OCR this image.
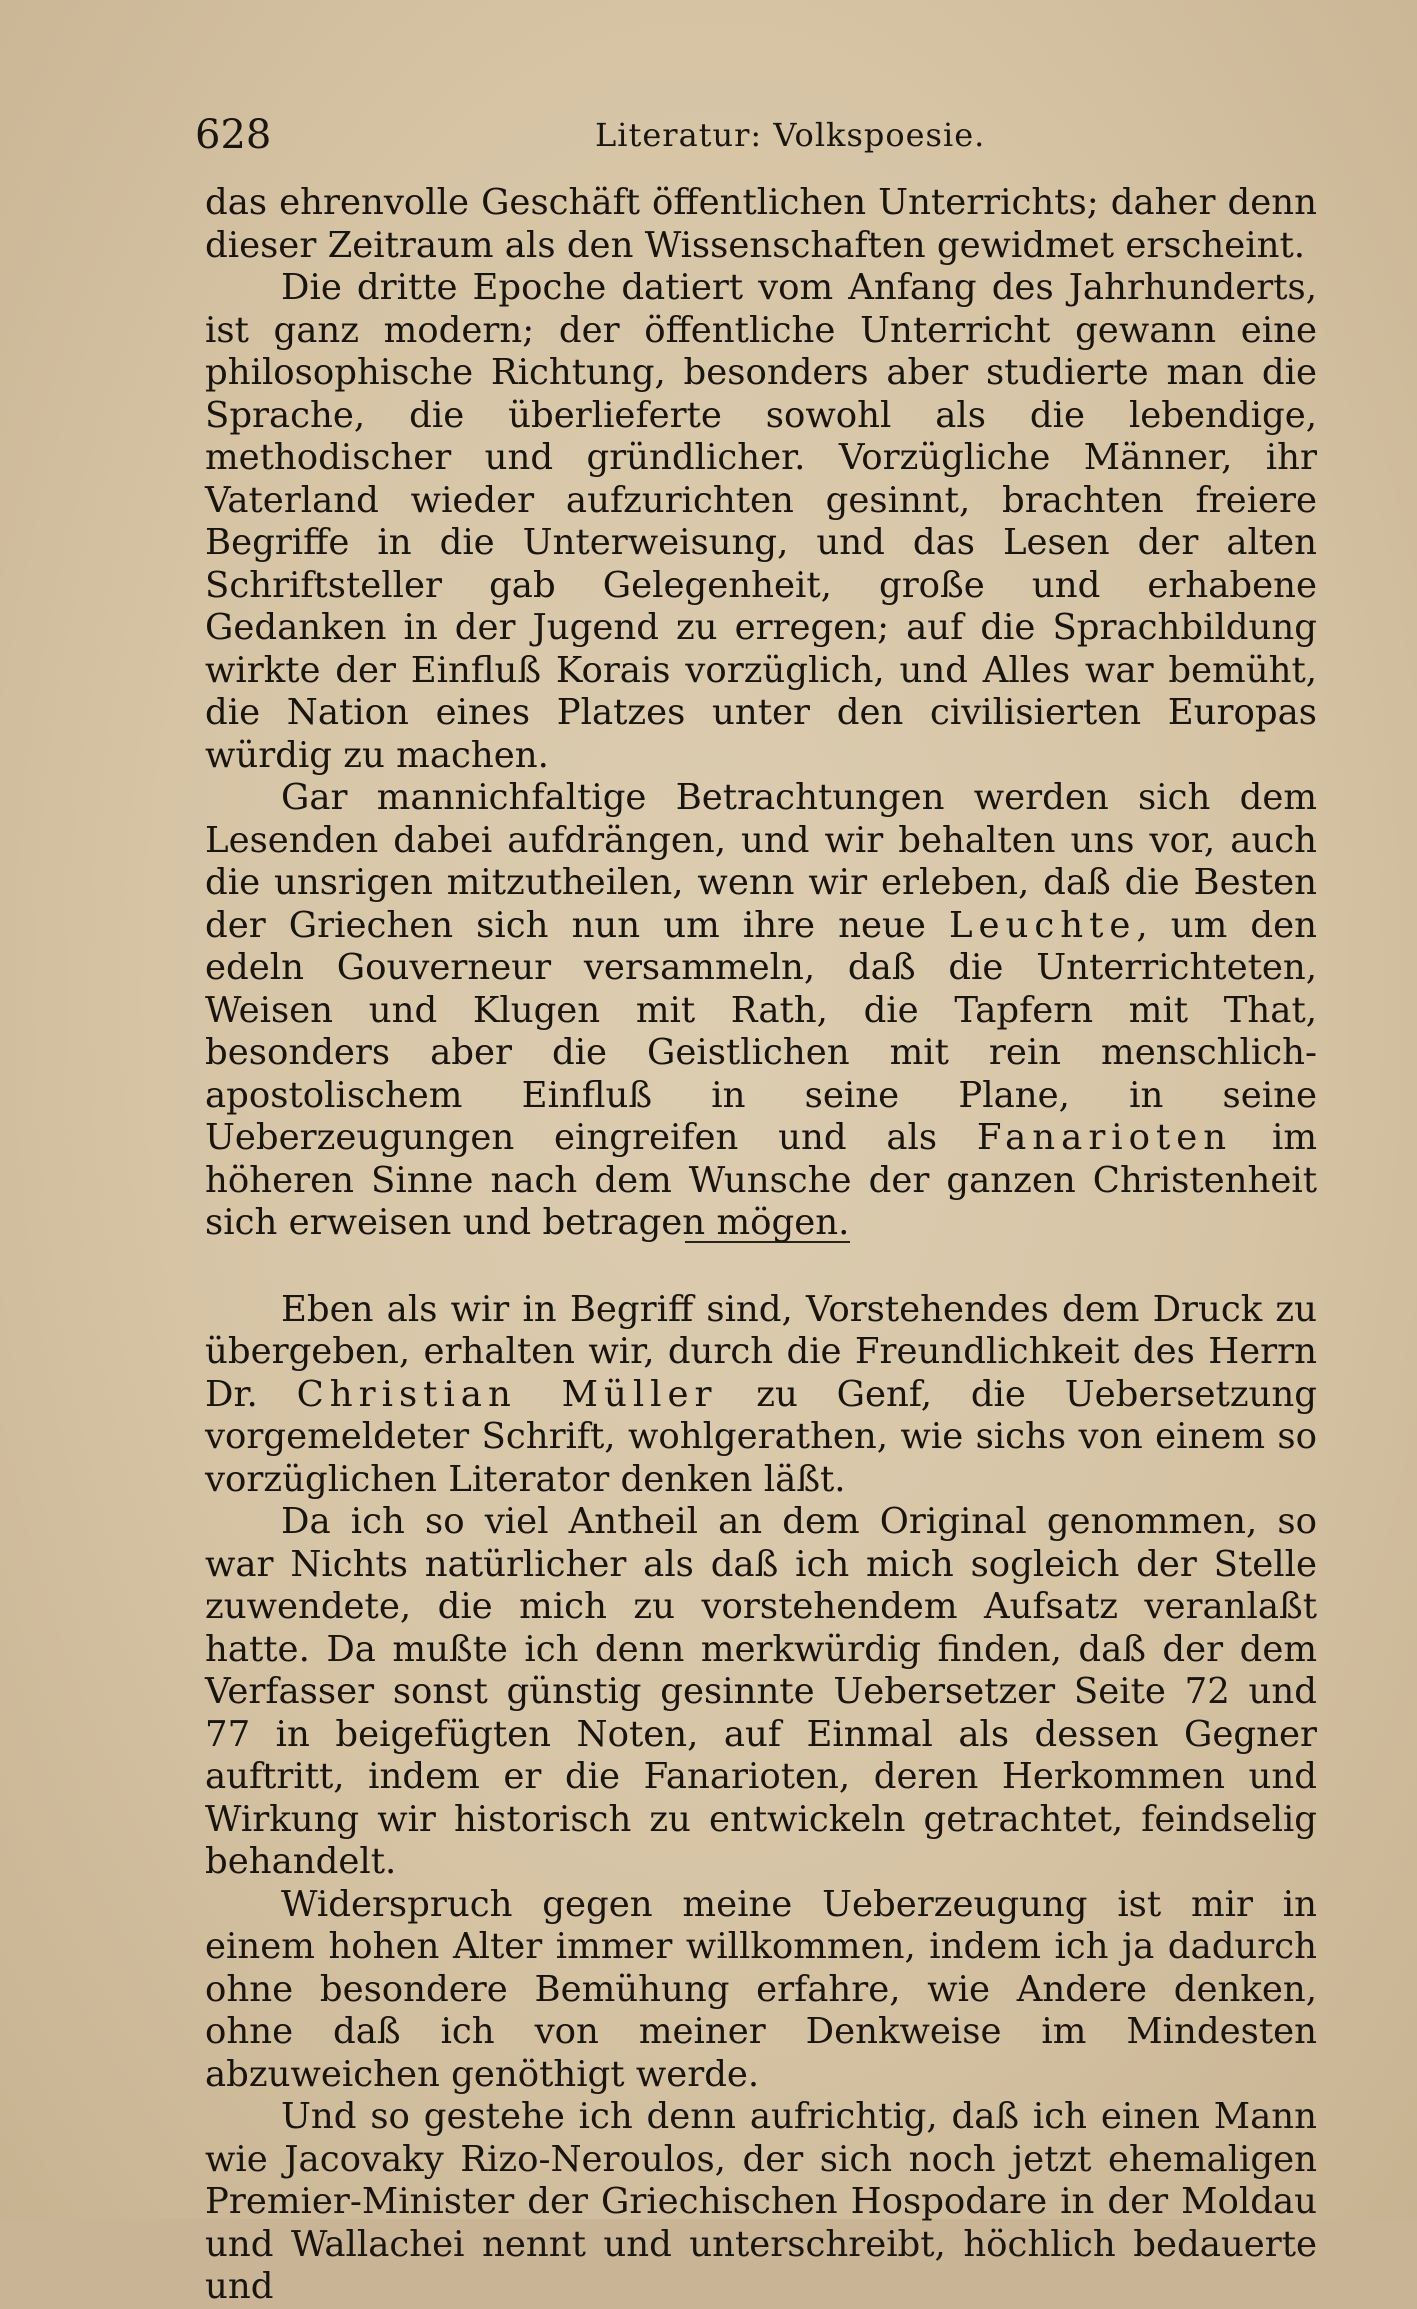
628	Literatur: Volkspoesie.

das ehrenvolle Geschäft öffentlichen Unterrichts; daher denn dieser Zeitraum als den Wissenschaften gewidmet erscheint.

Die dritte Epoche datiert vom Anfang des Jahrhunderts, ist ganz modern; der öffentliche Unterricht gewann eine philosophische Richtung, besonders aber studierte man die Sprache, die überlieferte sowohl als die lebendige, methodischer und gründlicher. Vorzügliche Männer, ihr Vaterland wieder aufzurichten gesinnt, brachten freiere Begriffe in die Unterweisung, und das Lesen der alten Schriftsteller gab Gelegenheit, große und erhabene Gedanken in der Jugend zu erregen; auf die Sprachbildung wirkte der Einfluß Korais vorzüglich, und Alles war bemüht, die Nation eines Platzes unter den civilisierten Europas würdig zu machen.

Gar mannichfaltige Betrachtungen werden sich dem Lesenden dabei aufdrängen, und wir behalten uns vor, auch die unsrigen mitzutheilen, wenn wir erleben, daß die Besten der Griechen sich nun um ihre neue Leuchte, um den edeln Gouverneur versammeln, daß die Unterrichteten, Weisen und Klugen mit Rath, die Tapfern mit That, besonders aber die Geistlichen mit rein menschlich-apostolischem Einfluß in seine Plane, in seine Ueberzeugungen eingreifen und als Fanarioten im höheren Sinne nach dem Wunsche der ganzen Christenheit sich erweisen und betragen mögen.

Eben als wir in Begriff sind, Vorstehendes dem Druck zu übergeben, erhalten wir, durch die Freundlichkeit des Herrn Dr. Christian Müller zu Genf, die Uebersetzung vorgemeldeter Schrift, wohlgerathen, wie sichs von einem so vorzüglichen Literator denken läßt.

Da ich so viel Antheil an dem Original genommen, so war Nichts natürlicher als daß ich mich sogleich der Stelle zuwendete, die mich zu vorstehendem Aufsatz veranlaßt hatte. Da mußte ich denn merkwürdig finden, daß der dem Verfasser sonst günstig gesinnte Uebersetzer Seite 72 und 77 in beigefügten Noten, auf Einmal als dessen Gegner auftritt, indem er die Fanarioten, deren Herkommen und Wirkung wir historisch zu entwickeln getrachtet, feindselig behandelt.

Widerspruch gegen meine Ueberzeugung ist mir in einem hohen Alter immer willkommen, indem ich ja dadurch ohne besondere Bemühung erfahre, wie Andere denken, ohne daß ich von meiner Denkweise im Mindesten abzuweichen genöthigt werde.

Und so gestehe ich denn aufrichtig, daß ich einen Mann wie Jacovaky Rizo-Neroulos, der sich noch jetzt ehemaligen Premier-Minister der Griechischen Hospodare in der Moldau und Wallachei nennt und unterschreibt, höchlich bedauerte und
